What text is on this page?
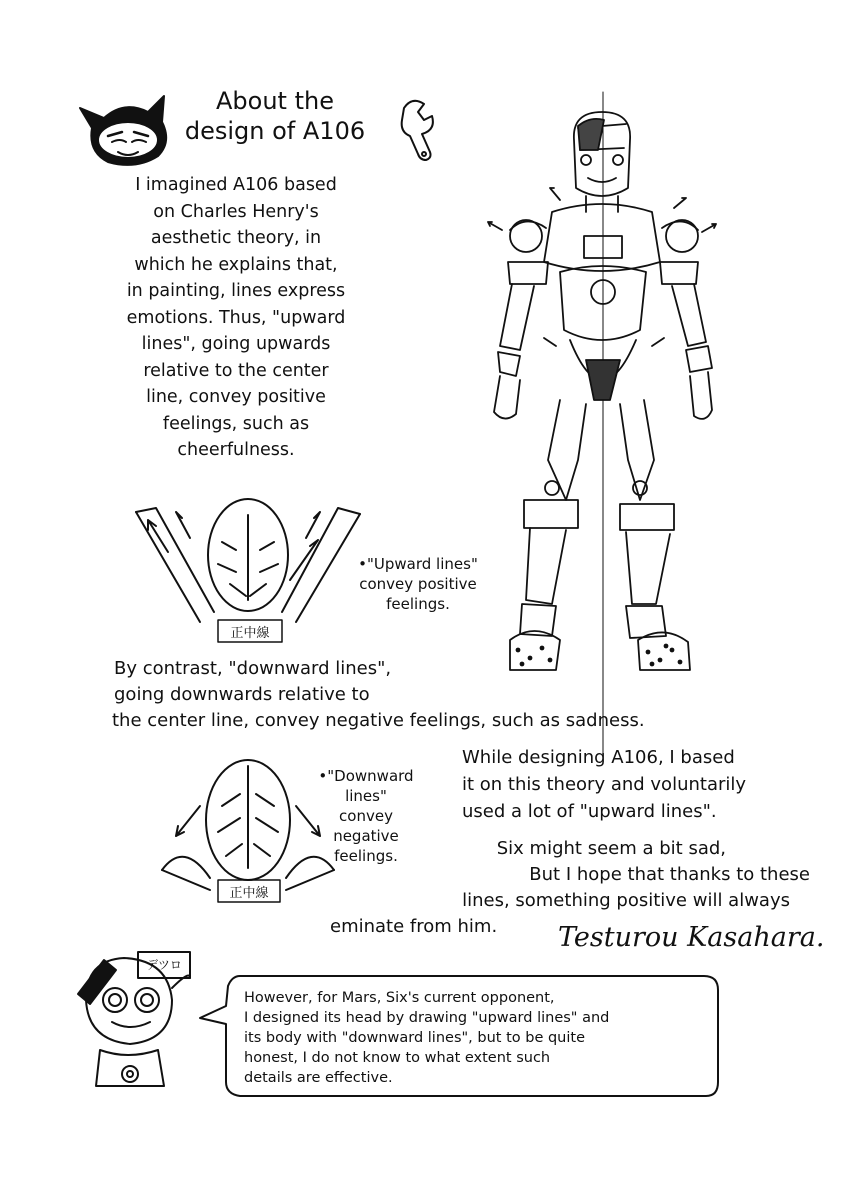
About the
design of A106
I imagined A106 based
on Charles Henry's
aesthetic theory, in
which he explains that,
in painting, lines express
emotions. Thus, "upward
lines", going upwards
relative to the center
line, convey positive
feelings, such as
cheerfulness.
正中線
•"Upward lines"
convey positive
feelings.
By contrast, "downward lines",
going downwards relative to
the center line, convey negative feelings, such as sadness.
•"Downward
lines"
convey
negative
feelings.
正中線
While designing A106, I based
it on this theory and voluntarily
used a lot of "upward lines".
Six might seem a bit sad,
But I hope that thanks to these
lines, something positive will always
eminate from him.	Testurou Kasahara.
デツロ
However, for Mars, Six's current opponent,
I designed its head by drawing "upward lines" and
its body with "downward lines", but to be quite
honest, I do not know to what extent such
details are effective.
